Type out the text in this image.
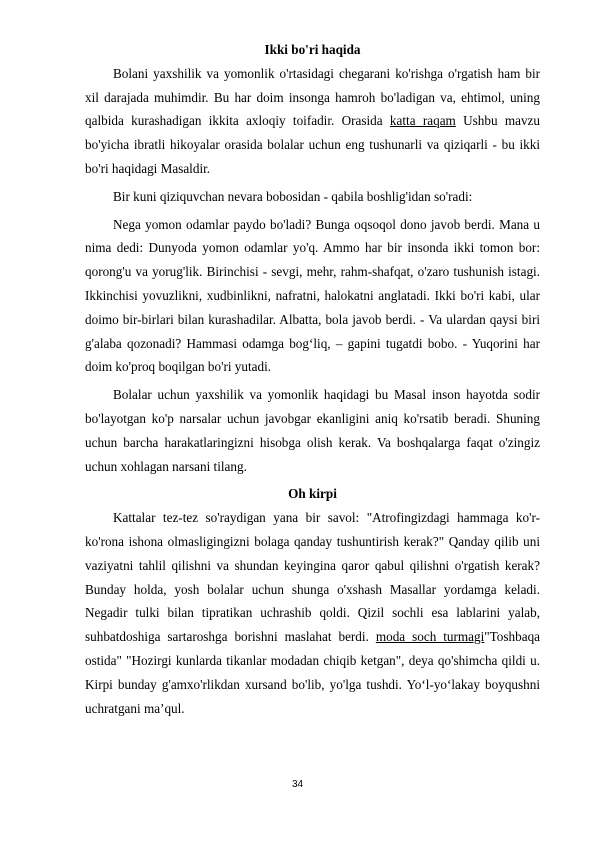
Ikki bo'ri haqida

Bolani yaxshilik va yomonlik o'rtasidagi chegarani ko'rishga o'rgatish ham bir xil darajada muhimdir. Bu har doim insonga hamroh bo'ladigan va, ehtimol, uning qalbida kurashadigan ikkita axloqiy toifadir. Orasida katta raqam Ushbu mavzu bo'yicha ibratli hikoyalar orasida bolalar uchun eng tushunarli va qiziqarli - bu ikki bo'ri haqidagi Masaldir.

Bir kuni qiziquvchan nevara bobosidan - qabila boshlig'idan so'radi:

Nega yomon odamlar paydo bo'ladi? Bunga oqsoqol dono javob berdi. Mana u nima dedi: Dunyoda yomon odamlar yo'q. Ammo har bir insonda ikki tomon bor: qorong'u va yorug'lik. Birinchisi - sevgi, mehr, rahm-shafqat, o'zaro tushunish istagi. Ikkinchisi yovuzlikni, xudbinlikni, nafratni, halokatni anglatadi. Ikki bo'ri kabi, ular doimo bir-birlari bilan kurashadilar. Albatta, bola javob berdi. - Va ulardan qaysi biri g'alaba qozonadi? Hammasi odamga bog‘liq, – gapini tugatdi bobo. - Yuqorini har doim ko'proq boqilgan bo'ri yutadi.

Bolalar uchun yaxshilik va yomonlik haqidagi bu Masal inson hayotda sodir bo'layotgan ko'p narsalar uchun javobgar ekanligini aniq ko'rsatib beradi. Shuning uchun barcha harakatlaringizni hisobga olish kerak. Va boshqalarga faqat o'zingiz uchun xohlagan narsani tilang.

Oh kirpi

Kattalar tez-tez so'raydigan yana bir savol: "Atrofingizdagi hammaga ko'r-ko'rona ishona olmasligingizni bolaga qanday tushuntirish kerak?" Qanday qilib uni vaziyatni tahlil qilishni va shundan keyingina qaror qabul qilishni o'rgatish kerak? Bunday holda, yosh bolalar uchun shunga o'xshash Masallar yordamga keladi. Negadir tulki bilan tipratikan uchrashib qoldi. Qizil sochli esa lablarini yalab, suhbatdoshiga sartaroshga borishni maslahat berdi. moda soch turmagi"Toshbaqa ostida" "Hozirgi kunlarda tikanlar modadan chiqib ketgan", deya qo'shimcha qildi u. Kirpi bunday g'amxo'rlikdan xursand bo'lib, yo'lga tushdi. Yo‘l-yo‘lakay boyqushni uchratgani ma’qul.

34
